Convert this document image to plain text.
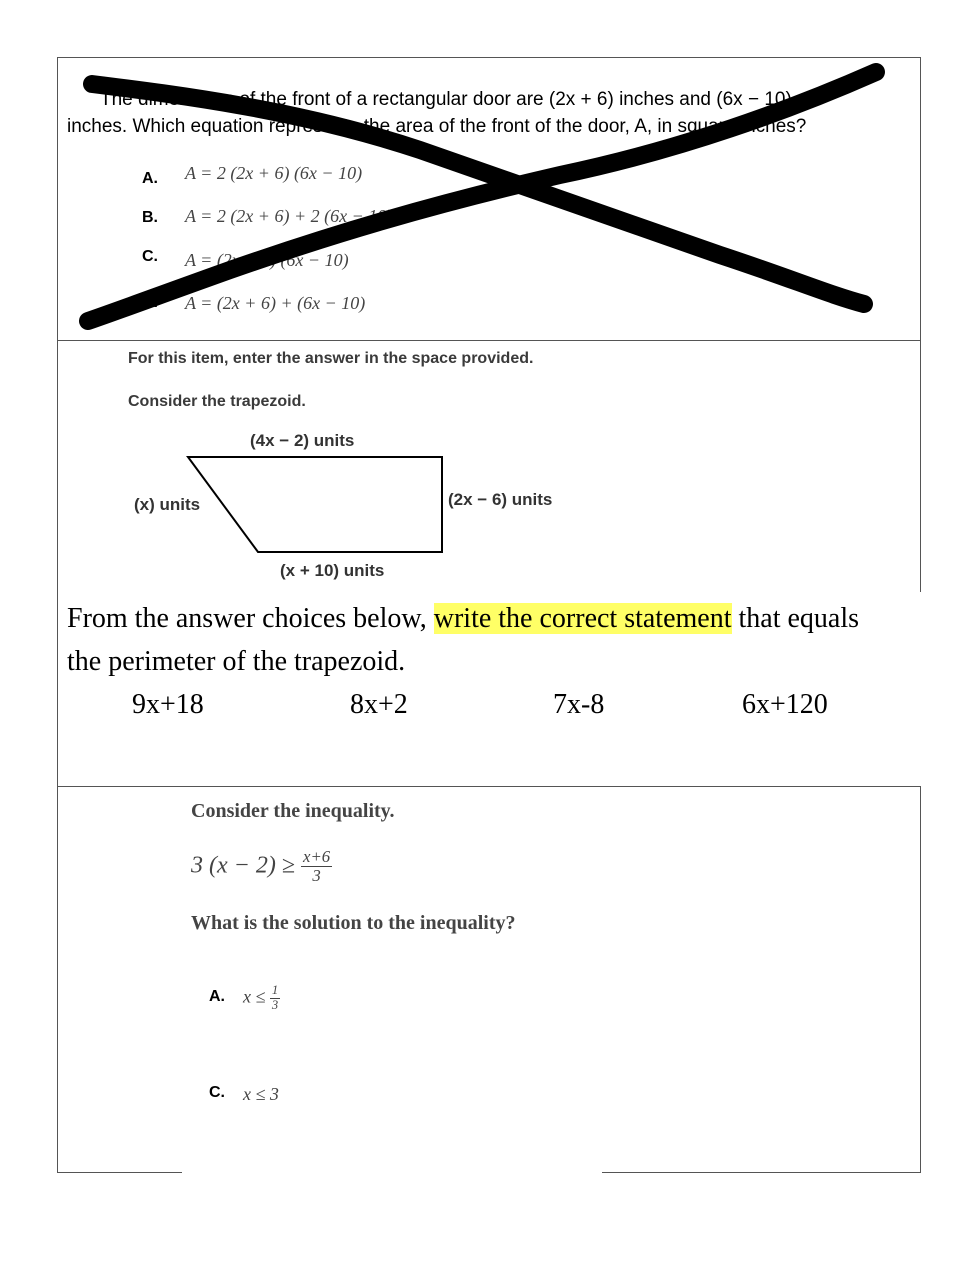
The dimensions of the front of a rectangular door are (2x + 6) inches and (6x − 10)
inches. Which equation represents the area of the front of the door, A, in square inches?
A. A = 2 (2x + 6) (6x − 10)
B. A = 2 (2x + 6) + 2 (6x − 10)
C. A = (2x + 6) (6x − 10)
D. A = (2x + 6) + (6x − 10)
For this item, enter the answer in the space provided.
Consider the trapezoid.
(4x − 2) units
(x) units	(2x − 6) units
(x + 10) units
From the answer choices below, write the correct statement that equals
the perimeter of the trapezoid.
9x+18	8x+2	7x-8	6x+120
Consider the inequality.
3 $(x - 2) \ge \frac{x+6}{3}$
What is the solution to the inequality?
A. $x \le \frac{1}{3}$
C. x ≤ 3
